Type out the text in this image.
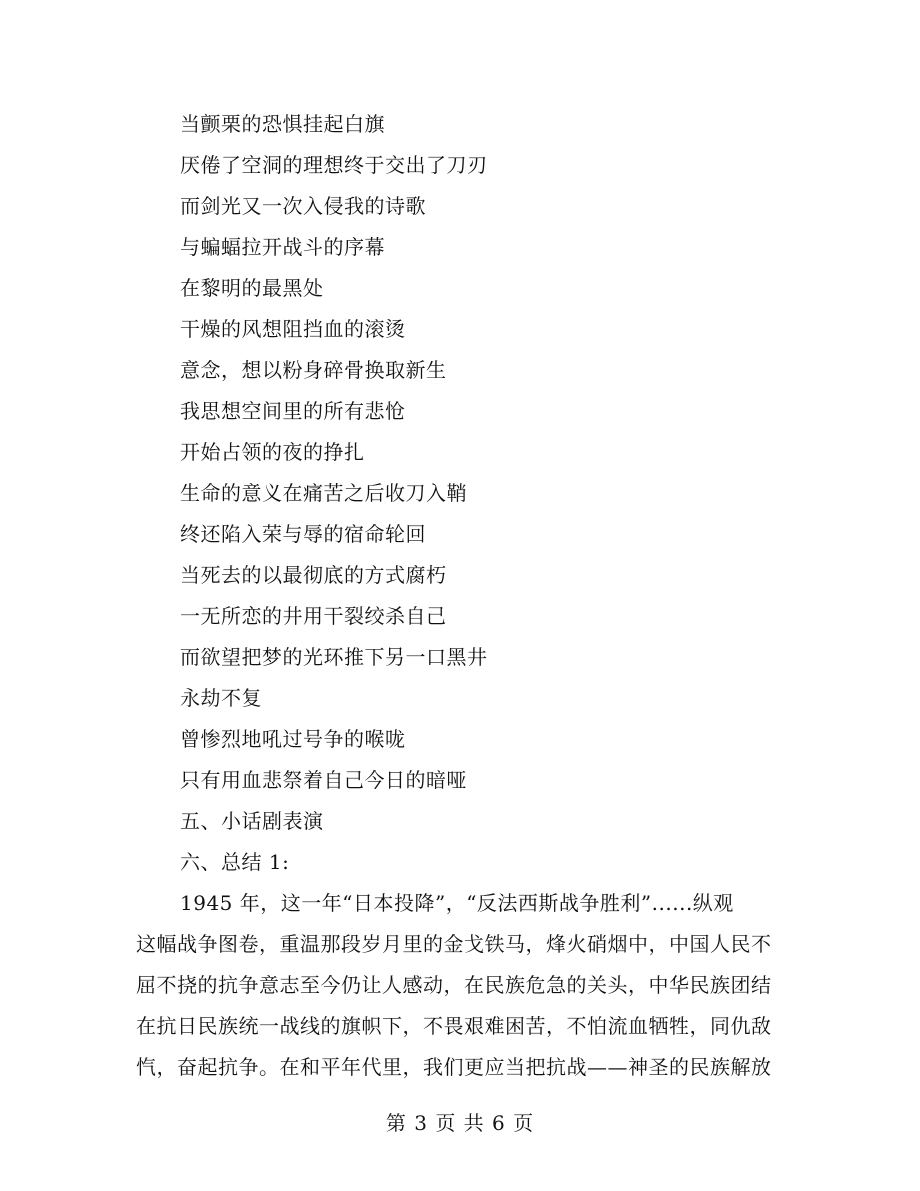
当颤栗的恐惧挂起白旗
厌倦了空洞的理想终于交出了刀刃
而剑光又一次入侵我的诗歌
与蝙蝠拉开战斗的序幕
在黎明的最黑处
干燥的风想阻挡血的滚烫
意念，想以粉身碎骨换取新生
我思想空间里的所有悲怆
开始占领的夜的挣扎
生命的意义在痛苦之后收刀入鞘
终还陷入荣与辱的宿命轮回
当死去的以最彻底的方式腐朽
一无所恋的井用干裂绞杀自己
而欲望把梦的光环推下另一口黑井
永劫不复
曾惨烈地吼过号争的喉咙
只有用血悲祭着自己今日的暗哑
五、小话剧表演
六、总结 1:
1945 年，这一年“日本投降”，“反法西斯战争胜利”......纵观
这幅战争图卷，重温那段岁月里的金戈铁马，烽火硝烟中，中国人民不
屈不挠的抗争意志至今仍让人感动，在民族危急的关头，中华民族团结
在抗日民族统一战线的旗帜下，不畏艰难困苦，不怕流血牺牲，同仇敌
忾，奋起抗争。在和平年代里，我们更应当把抗战——神圣的民族解放
第 3 页 共 6 页
